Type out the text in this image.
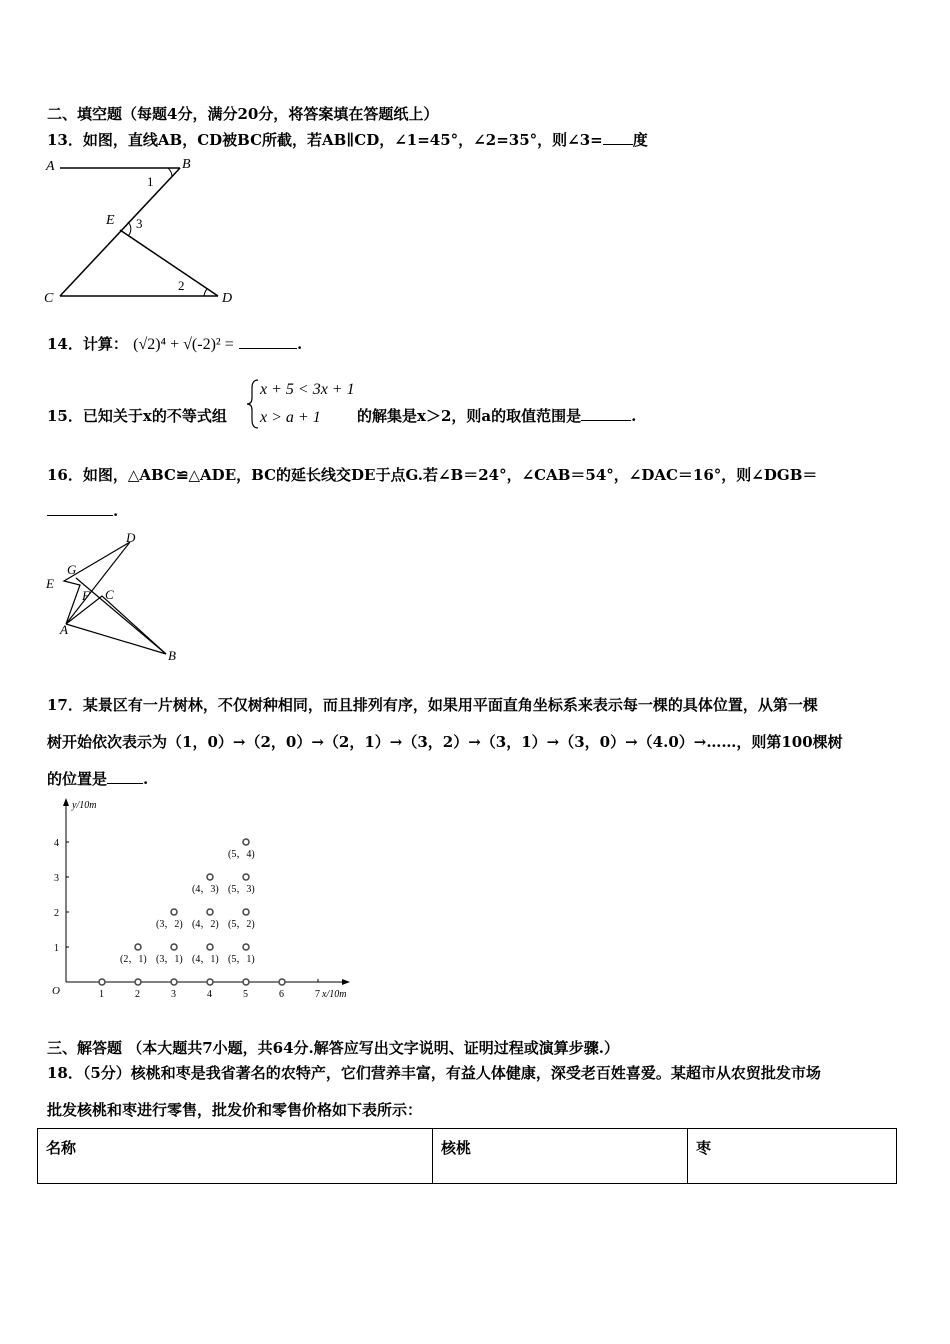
二、填空题（每题4分，满分20分，将答案填在答题纸上）
13．如图，直线AB，CD被BC所截，若AB∥CD，∠1=45°，∠2=35°，则∠3= 度
A	B
C	D
E
1
2
3
14．计算： (√2)⁴ + √(-2)² =	.
15．已知关于x的不等式组
x + 5 < 3x + 1
x > a + 1 的解集是x＞2，则a的取值范围是	.
16．如图，△ABC≌△ADE，BC的延长线交DE于点G.若∠B＝24°，∠CAB＝54°，∠DAC＝16°，则∠DGB＝
.
D
G
E
F C
A
B
17．某景区有一片树林，不仅树种相同，而且排列有序，如果用平面直角坐标系来表示每一棵的具体位置，从第一棵
树开始依次表示为（1，0）→（2，0）→（2，1）→（3，2）→（3，1）→（3，0）→（4.0）→……，则第100棵树
的位置是 .
y/10m
x/10m
O	1	2	3	4	5	6	7
1
2
3
4
(2，1) (3，1) (4，1) (5，1)
(3，2) (4，2) (5，2)
(4，3) (5，3)
(5，4)
三、解答题 （本大题共7小题，共64分.解答应写出文字说明、证明过程或演算步骤.）
18．（5分）核桃和枣是我省著名的农特产，它们营养丰富，有益人体健康，深受老百姓喜爱。某超市从农贸批发市场
批发核桃和枣进行零售，批发价和零售价格如下表所示：
名称	核桃	枣
